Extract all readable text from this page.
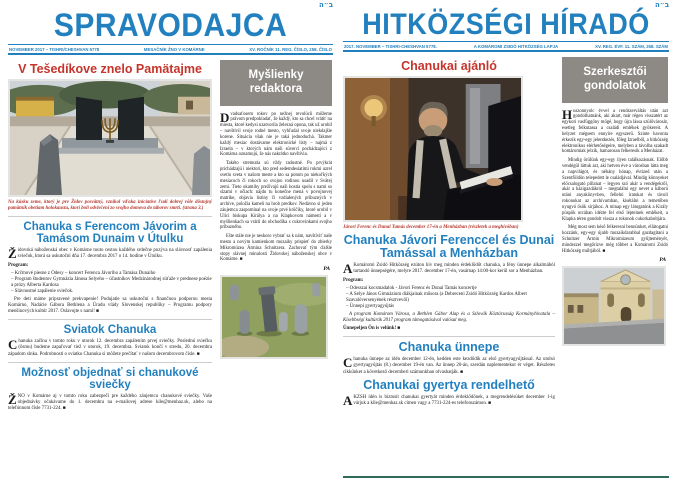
ב״ה
SPRAVODAJCA
NOVEMBER 2017 – TISHRI/CHESHVAN 5778	MESAČNÍK ŽNO V KOMÁRNE	XV. ROČNÍK 11. REG. ČÍSLO, 258. ČÍSLO
V Tešedíkove znelo Pamätajme

Na kúsku zeme, ktorý je pre Židov posvätný, vznikol vďaka iniciatíve ľudí dobrej vôle dôstojný pamätník obetiam holokaustu, ktorí boli odvlečení zo svojho domova do táborov smrti. (strana 3.)

Chanuka s Ferencom Jávorim a Tamásom Dunaim v Útulku

Židovská náboženská obec v Komárne touto cestou každého srdečne pozýva na slávnosť zapálenia sviečok, ktorá sa uskutoční dňa 17. decembra 2017 o 14. hodine v Útulku.

Program:

– Krčmové piesne z Odesy – koncert Ferenca Jávoriho a Tamása Dunaiho

– Program študentov Gymnázia Jánosa Selyeho – účastníkov Medzinárodnej súťaže v prednese poézie a prózy Alberta Kardosa

– Slávnostné zapálenie sviečok.

Pre deti máme pripravené prekvapenie! Podujatie sa uskutoční s finančnou podporou mesta Komárno, Nadácie Gábora Bethlena a Úradu vlády Slovenskej republiky – Programu podpory menšinových kultúr 2017. Oslavujte s nami! ■

Sviatok Chanuka

Chanuka začína v tomto roku v utorok 12. decembra zapálením prvej sviečky. Poslednú sviečku (ôsmu) budeme zapaľovať tiež v utorok, 19. decembra. Sviatok končí v stredu, 20. decembra západom slnka. Podrobnosti o sviatku Chanuka si môžete prečítať v našom decembrovom čísle. ■

Možnosť objednať si chanukové sviečky

ŽNO v Komárne aj v tomto roku zabezpečí pre každého záujemcu chanukové sviečky. Vaše objednávky očakávame do 1. decembra na e-mailovej adrese kile@menhaz.sk, alebo na telefónnom čísle 7731-224. ■

Myšlienky redaktora

Dvadsaťosem rokov po nežnej revolúcii môžeme právom predpokladať, že každý, kto sa chcel vrátiť na miesta, ktoré kedysi uzatvorila železná opona, tak už urobil – navštívil svoje rodné mesto, vyhľadal svoje niekdajšie korene. Situácia však nie je taká jednoduchá. Takmer každý mesiac dostávame elektronické listy – najmä z Izraela – v ktorých nám naši súverci pochádzajúci z Komárna oznamujú, že nás nakrátko navštívia.

Takéto stretnutia sú vždy radostné. Po prvýkrát prichádzajú i niektorí, kto pred sedemdesiatimi rokmi uzrel svetlo sveta v našom meste a kto sa potom po niekoľkých mesiacoch či rokoch so svojou rodinou usadil v Svätej zemi. Tieto okamihy prežívajú naši hostia spolu s nami so slzami v očiach: nájdu tu konečne mená v povojnovej matrike, objavia listiny či vzdialených príbuzných v archíve, položia kameň na hrob predkov. Nedávno si jeden záujemca zaspomínal na svoje prvé krôčiky, ktoré urobil v Ulici biskupa Királya a na Klapkovom námestí a v myšlienkach sa vrátil do obchodíka s cukrovinkami svojho príbuzného.

Ešte stále nie je neskoro vybrať sa k nám, navštíviť naše mesto a novým kamienkom mozaiky prispieť do zbierky Mikromúzea Ármina Schnitzera. Zachovať tým ďalšie stopy slávnej minulosti Židovskej náboženskej obce v Komárne. ■

PA
ב״ה
HITKÖZSÉGI HÍRADÓ
2017. NOVEMBER – TISHRI-CHESHVAN 5778.	A KOMÁROMI ZSIDÓ HITKÖZSÉG LAPJA	XV. REG. ÉVF. 11. SZÁM, 258. SZÁM
Chanukai ajánló

Jávori Ferenc és Dunai Tamás december 17-én a Menházban (részletek a meghívóban)

Chanuka Jávori Ferenccel és Dunai Tamással a Menházban

AKomáromi Zsidó Hitközség ezúton hív meg minden érdeklődőt chanuka, a fény ünnepe alkalmából tartandó ünnepségére, melyre 2017. december 17-én, vasárnap 14:00-kor kerül sor a Menházban.

Program:

– Odesszai kocsmadalok - Jávori Ferenc és Dunai Tamás koncertje

– A Selye János Gimnázium diákjainak műsora (a Debreceni Zsidó Hitközség Kardos Albert Szavalóversenyének résztvevői)

– Ünnepi gyertyagyújtás

A program Komárom Városa, a Bethlen Gábor Alap és a Szlovák Köztársaság Kormányhivatala – Kisebbségi kultúrák 2017 program támogatásával valósul meg.

Ünnepeljen Ön is velünk! ■

Chanuka ünnepe

Chanuka ünnepe az idén december 12-én, kedden este kezdődik az első gyertyagyújtással. Az utolsó gyertyagyújtás (8.) december 19-én van. Az ünnep 20-án, szerdán naplementekor ér véget. Részletes cikkünket a következő decemberi számunkban olvashatják. ■

Chanukai gyertya rendelhető

AKZSH idén is biztosít chanukai gyertyát minden érdeklődőnek, a megrendelésüket december 1-ig várjuk a kile@menhaz.sk címen vagy a 7731-224-es telefonszámon. ■

Szerkesztői gondolatok

Huszonnyolc évvel a rendszerváltás után azt gondolhatnánk, aki akart, már régen visszatért az egykori vasfüggöny mögé, hogy újra lássa szülővárosát, esetleg felkutassa a családi emlékek gyökereit. A helyzet mégsem ennyire egyszerű. Szinte havonta érkezik egy-egy jelentkezés, főleg Izraelből, a hitközség elektronikus elérhetőségeire, melyben a távolba szakadt komáromiak jelzik, hamarosan felkeresik a Menházat.

Mindig örülünk egy-egy ilyen találkozásnak. Előbb vendégül láttuk azt, aki hetven éve a városban látta meg a napvilágot, és néhány hónap, évtized után a Szentföldön telepedett le családjával. Mindig könnyeket előcsalogató pillanat – legyen szó akár a vendégekről, akár a házigazdákról – megtalálni egy nevet a háború utáni anyakönyvben, fellelni iratokat és távoli rokonokat az archívumban, kisétálni a temetőben nyugvó ősök sírjához. A minap egy látogatónk a Király püspök utcában idézte fel első lépteinek emlékeit, a Klapka téren gondolt vissza a rokonok cukorkaboltjára.

Még most sem késő felkeresni bennünket, ellátogatni hozzánk, egy-egy újabb mozaikdarabbal gazdagítani a Schnitzer Ármin Mikromúzeum gyűjteményét, mindezzel megőrizve még többet a Komáromi Zsidó Hitközség múltjából. ■

PA
